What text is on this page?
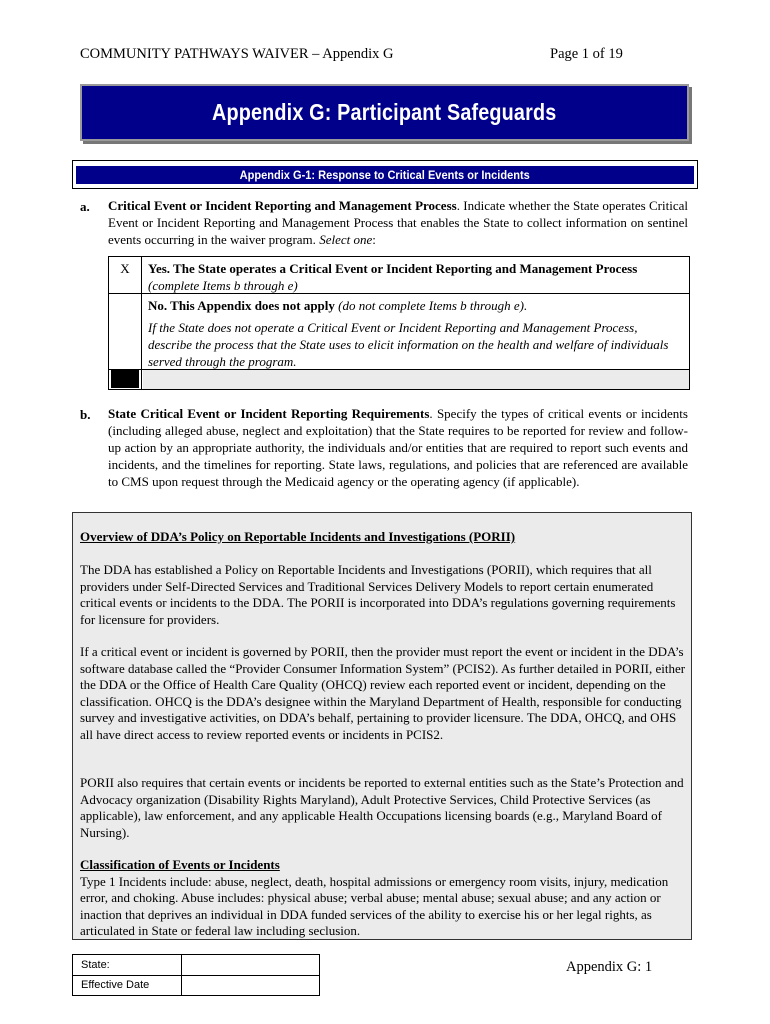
COMMUNITY PATHWAYS WAIVER – Appendix G	Page 1 of 19
Appendix G: Participant Safeguards
Appendix G-1: Response to Critical Events or Incidents
a. Critical Event or Incident Reporting and Management Process. Indicate whether the State operates Critical Event or Incident Reporting and Management Process that enables the State to collect information on sentinel events occurring in the waiver program. Select one:
X	Yes. The State operates a Critical Event or Incident Reporting and Management Process
(complete Items b through e)
No. This Appendix does not apply (do not complete Items b through e).
If the State does not operate a Critical Event or Incident Reporting and Management Process, describe the process that the State uses to elicit information on the health and welfare of individuals served through the program.
b. State Critical Event or Incident Reporting Requirements. Specify the types of critical events or incidents (including alleged abuse, neglect and exploitation) that the State requires to be reported for review and follow-up action by an appropriate authority, the individuals and/or entities that are required to report such events and incidents, and the timelines for reporting. State laws, regulations, and policies that are referenced are available to CMS upon request through the Medicaid agency or the operating agency (if applicable).
Overview of DDA’s Policy on Reportable Incidents and Investigations (PORII)
The DDA has established a Policy on Reportable Incidents and Investigations (PORII), which requires that all providers under Self-Directed Services and Traditional Services Delivery Models to report certain enumerated critical events or incidents to the DDA. The PORII is incorporated into DDA’s regulations governing requirements for licensure for providers.
If a critical event or incident is governed by PORII, then the provider must report the event or incident in the DDA’s software database called the “Provider Consumer Information System” (PCIS2). As further detailed in PORII, either the DDA or the Office of Health Care Quality (OHCQ) review each reported event or incident, depending on the classification. OHCQ is the DDA’s designee within the Maryland Department of Health, responsible for conducting survey and investigative activities, on DDA’s behalf, pertaining to provider licensure. The DDA, OHCQ, and OHS all have direct access to review reported events or incidents in PCIS2.
PORII also requires that certain events or incidents be reported to external entities such as the State’s Protection and Advocacy organization (Disability Rights Maryland), Adult Protective Services, Child Protective Services (as applicable), law enforcement, and any applicable Health Occupations licensing boards (e.g., Maryland Board of Nursing).
Classification of Events or Incidents
Type 1 Incidents include: abuse, neglect, death, hospital admissions or emergency room visits, injury, medication error, and choking. Abuse includes: physical abuse; verbal abuse; mental abuse; sexual abuse; and any action or inaction that deprives an individual in DDA funded services of the ability to exercise his or her legal rights, as articulated in State or federal law including seclusion.
State:
Effective Date
Appendix G: 1
